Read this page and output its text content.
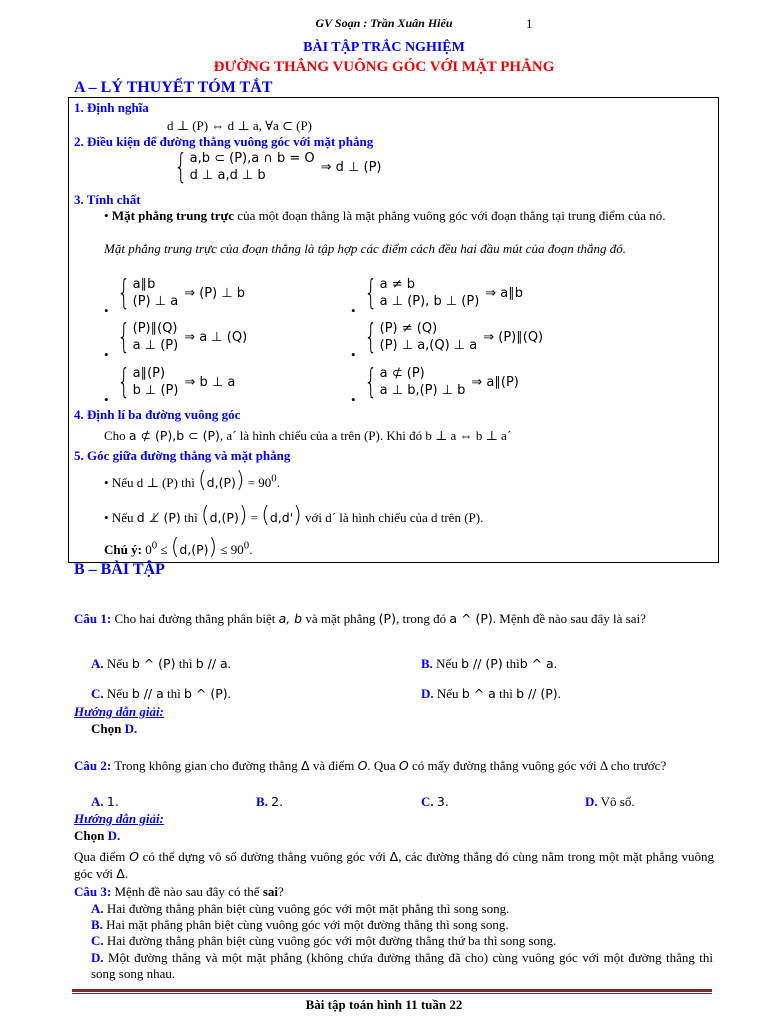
GV Soạn : Trần Xuân Hiếu	1
BÀI TẬP TRẮC NGHIỆM
ĐƯỜNG THẲNG VUÔNG GÓC VỚI MẶT PHẲNG
A – LÝ THUYẾT TÓM TẮT
1. Định nghĩa
d ⊥ (P) ⇔ d ⊥ a, ∀a ⊂ (P)
2. Điều kiện để đường thẳng vuông góc với mặt phẳng
{ a,b ⊂ (P),a ∩ b = O
d ⊥ a,d ⊥ b
⇒ d ⊥ (P)
3. Tính chất
• Mặt phẳng trung trực của một đoạn thẳng là mặt phẳng vuông góc với đoạn thẳng tại trung điểm của nó.
Mặt phẳng trung trực của đoạn thẳng là tập hợp các điểm cách đều hai đầu mút của đoạn thẳng đó.
• { a∥b
(P) ⊥ a
⇒ (P) ⊥ b
• { a ≠ b
a ⊥ (P), b ⊥ (P)
⇒ a∥b
• { (P)∥(Q)
a ⊥ (P)
⇒ a ⊥ (Q)
• { (P) ≠ (Q)
(P) ⊥ a,(Q) ⊥ a
⇒ (P)∥(Q)
• { a∥(P)
b ⊥ (P)
⇒ b ⊥ a
• { a ⊄ (P)
a ⊥ b,(P) ⊥ b
⇒ a∥(P)
4. Định lí ba đường vuông góc
Cho a ⊄ (P),b ⊂ (P), a´ là hình chiếu của a trên (P). Khi đó b ⊥ a ⇔ b ⊥ a´
5. Góc giữa đường thẳng và mặt phẳng
• Nếu d ⊥ (P) thì $(d,(P)) = 90^0$.
• Nếu d ⊥̸ (P) thì (d,(P)) = (d,d') với d´ là hình chiếu của d trên (P).
Chú ý: $0^0 \le (d,(P)) \le 90^0$.
B – BÀI TẬP
Câu 1: Cho hai đường thẳng phân biệt a, b và mặt phẳng (P), trong đó a ^ (P). Mệnh đề nào sau đây là sai?
A. Nếu b ^ (P) thì b // a.	B. Nếu b // (P) thìb ^ a.
C. Nếu b // a thì b ^ (P).	D. Nếu b ^ a thì b // (P).
Hướng dẫn giải:
Chọn D.
Câu 2: Trong không gian cho đường thẳng Δ và điểm O. Qua O có mấy đường thẳng vuông góc với Δ cho trước?
A. 1.	B. 2.	C. 3.	D. Vô số.
Hướng dẫn giải:
Chọn D.
Qua điểm O có thể dựng vô số đường thẳng vuông góc với Δ, các đường thẳng đó cùng nằm trong một mặt phẳng vuông góc với Δ.
Câu 3: Mệnh đề nào sau đây có thể sai?
A. Hai đường thẳng phân biệt cùng vuông góc với một mặt phẳng thì song song.
B. Hai mặt phẳng phân biệt cùng vuông góc với một đường thẳng thì song song.
C. Hai đường thẳng phân biệt cùng vuông góc với một đường thẳng thứ ba thì song song.
D. Một đường thẳng và một mặt phẳng (không chứa đường thẳng đã cho) cùng vuông góc với một đường thẳng thì song song nhau.
Bài tập toán hình 11 tuần 22
